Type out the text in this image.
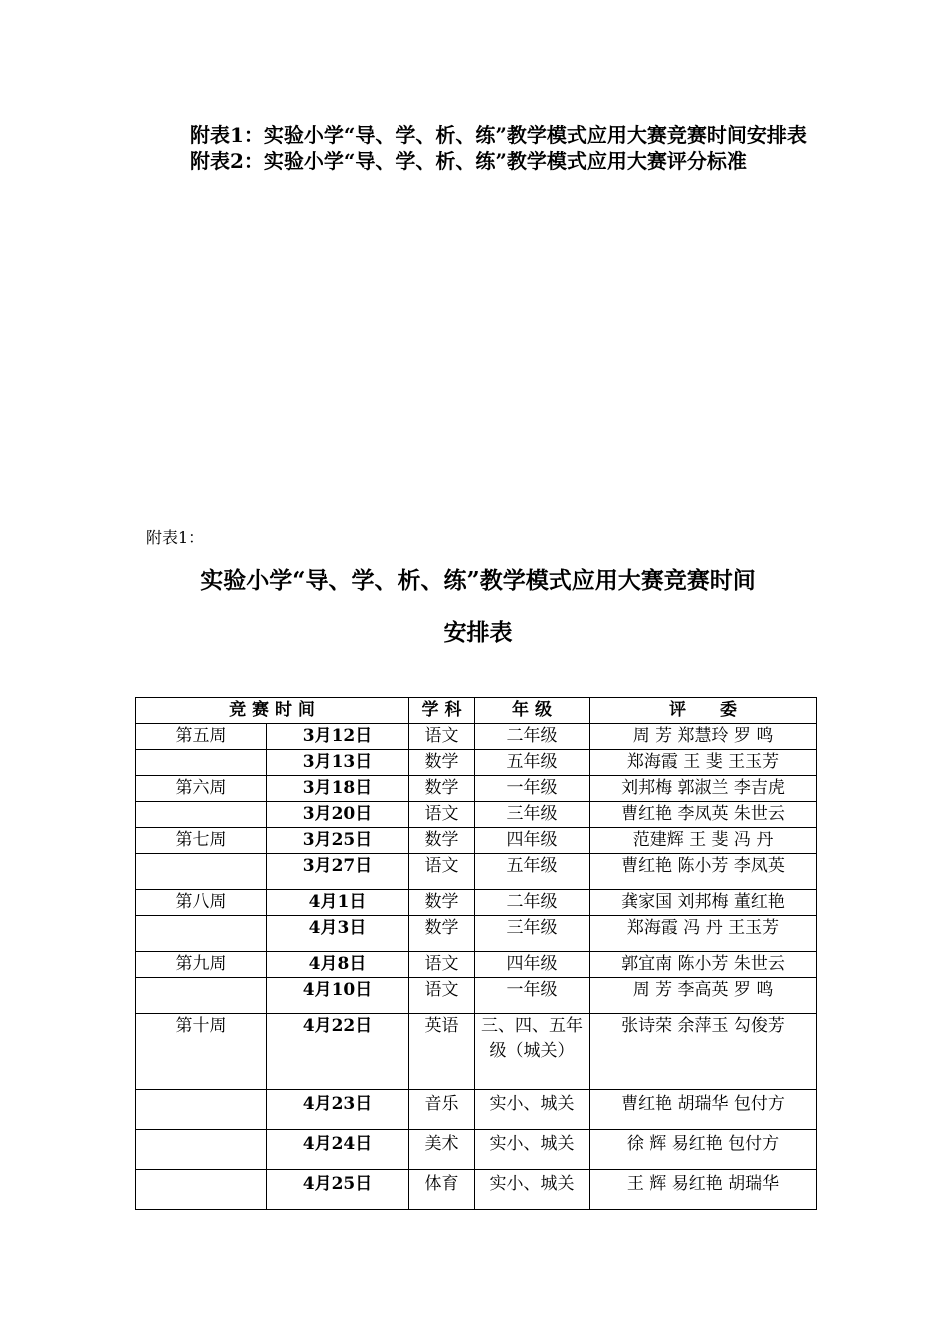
附表1：实验小学“导、学、析、练”教学模式应用大赛竞赛时间安排表

附表2：实验小学“导、学、析、练”教学模式应用大赛评分标准

附表1：
实验小学“导、学、析、练”教学模式应用大赛竞赛时间
安排表
竞 赛 时 间		学 科	年 级	评　　委
第五周	3月12日	语文	二年级	周 芳 郑慧玲 罗 鸣
	3月13日	数学	五年级	郑海霞 王 斐 王玉芳
第六周	3月18日	数学	一年级	刘邦梅 郭淑兰 李吉虎
	3月20日	语文	三年级	曹红艳 李凤英 朱世云
第七周	3月25日	数学	四年级	范建辉 王 斐 冯 丹
	3月27日	语文	五年级	曹红艳 陈小芳 李凤英
第八周	4月1日	数学	二年级	龚家国 刘邦梅 董红艳
	4月3日	数学	三年级	郑海霞 冯 丹 王玉芳
第九周	4月8日	语文	四年级	郭宜南 陈小芳 朱世云
	4月10日	语文	一年级	周 芳 李高英 罗 鸣
第十周	4月22日	英语	三、四、五年级（城关）	张诗荣 余萍玉 勾俊芳
	4月23日	音乐	实小、城关	曹红艳 胡瑞华 包付方
	4月24日	美术	实小、城关	徐 辉 易红艳 包付方
	4月25日	体育	实小、城关	王 辉 易红艳 胡瑞华
